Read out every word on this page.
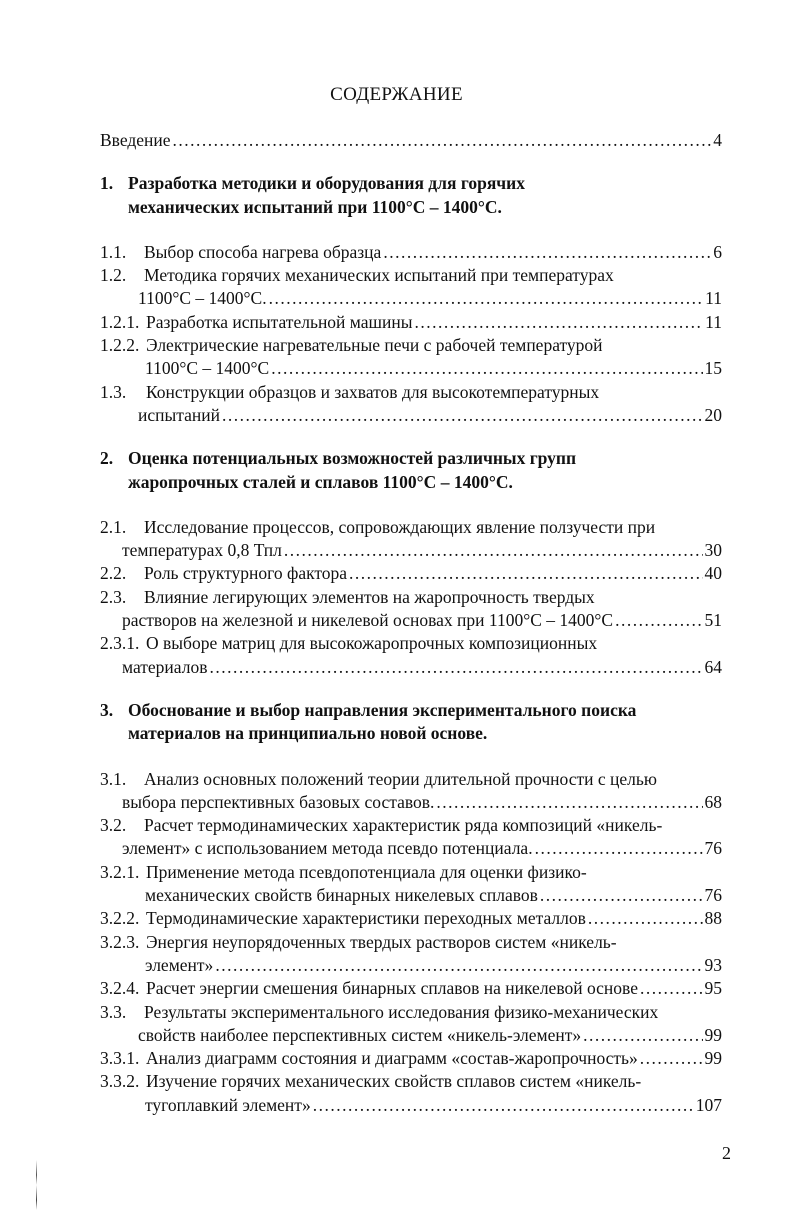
СОДЕРЖАНИЕ
Введение .....	4
1. Разработка методики и оборудования для горячих
механических испытаний при 1100°С – 1400°С.
1.1.	Выбор способа нагрева образца .....	6
1.2.	Методика горячих механических испытаний при температурах
1100°С – 1400°С. .....	11
1.2.1. Разработка испытательной машины .....	11
1.2.2. Электрические нагревательные печи с рабочей температурой
1100°С – 1400°С .....	15
1.3.	Конструкции образцов и захватов для высокотемпературных
испытаний .....	20
2. Оценка потенциальных возможностей различных групп
жаропрочных сталей и сплавов 1100°С – 1400°С.
2.1.	Исследование процессов, сопровождающих явление ползучести при
температурах 0,8 Тпл .....	30
2.2.	Роль структурного фактора .....	40
2.3.	Влияние легирующих элементов на жаропрочность твердых
растворов на железной и никелевой основах при 1100°С – 1400°С .....	51
2.3.1. О выборе матриц для высокожаропрочных композиционных
материалов .....	64
3. Обоснование и выбор направления экспериментального поиска
материалов на принципиально новой основе.
3.1.	Анализ основных положений теории длительной прочности с целью
выбора перспективных базовых составов. .....	68
3.2.	Расчет термодинамических характеристик ряда композиций «никель-
элемент» с использованием метода псевдо потенциала. .....	76
3.2.1. Применение метода псевдопотенциала для оценки физико-
механических свойств бинарных никелевых сплавов .....	76
3.2.2. Термодинамические характеристики переходных металлов .....	88
3.2.3. Энергия неупорядоченных твердых растворов систем «никель-
элемент» .....	93
3.2.4. Расчет энергии смешения бинарных сплавов на никелевой основе .....	95
3.3.	Результаты экспериментального исследования физико-механических
свойств наиболее перспективных систем «никель-элемент» .....	99
3.3.1. Анализ диаграмм состояния и диаграмм «состав-жаропрочность» .....	99
3.3.2. Изучение горячих механических свойств сплавов систем «никель-
тугоплавкий элемент» .....	107
2
